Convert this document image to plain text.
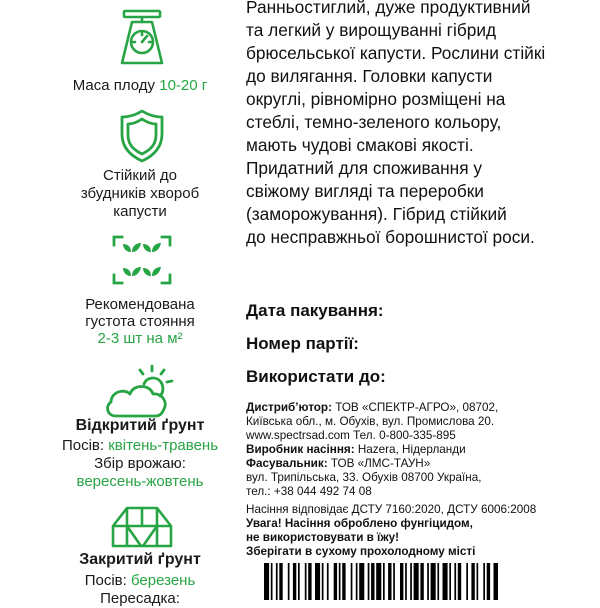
Маса плоду 10-20 г
Стійкий до
збудників хвороб
капусти
Рекомендована
густота стояння
2-3 шт на м²
Відкритий ґрунт
Посів: квітень-травень
Збір врожаю:
вересень-жовтень
Закритий ґрунт
Посів: березень
Пересадка:
Ранньостиглий, дуже продуктивний
та легкий у вирощуванні гібрид
брюсельської капусти. Рослини стійкі
до вилягання. Головки капусти
округлі, рівномірно розміщені на
стеблі, темно-зеленого кольору,
мають чудові смакові якості.
Придатний для споживання у
свіжому вигляді та переробки
(заморожування). Гібрид стійкий
до несправжньої борошнистої роси.
Дата пакування:
Номер партії:
Використати до:
Дистриб’ютор: ТОВ «СПЕКТР-АГРО», 08702,
Київська обл., м. Обухів, вул. Промислова 20.
www.spectrsad.com Тел. 0-800-335-895
Виробник насіння: Hazera, Нідерланди
Фасувальник: ТОВ «ЛМС-ТАУН»
вул. Трипільська, 33. Обухів 08700 Україна,
тел.: +38 044 492 74 08
Насіння відповідає ДСТУ 7160:2020, ДСТУ 6006:2008
Увага! Насіння оброблено фунгіцидом,
не використовувати в їжу!
Зберігати в сухому прохолодному місті
